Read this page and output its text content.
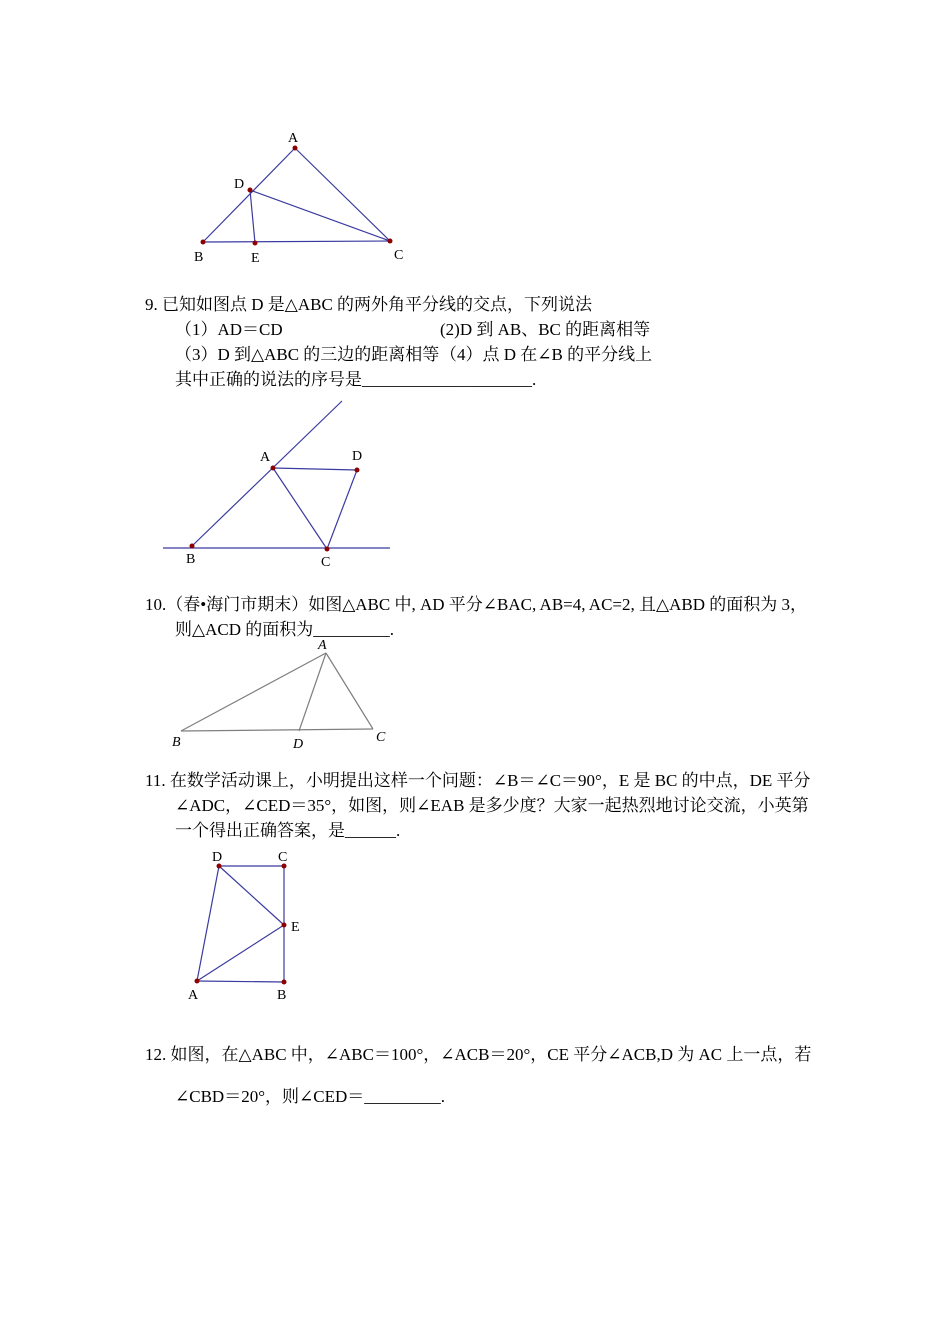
A
D
B	E	C
9. 已知如图点 D 是△ABC 的两外角平分线的交点，下列说法
（1）AD＝CD	(2)D 到 AB、BC 的距离相等
（3）D 到△ABC 的三边的距离相等（4）点 D 在∠B 的平分线上
其中正确的说法的序号是____________________.
A	D
B	C
10.（春•海门市期末）如图△ABC 中, AD 平分∠BAC, AB=4, AC=2, 且△ABD 的面积为 3，
则△ACD 的面积为_________.
A
B	C
D
11. 在数学活动课上，小明提出这样一个问题：∠B＝∠C＝90°，E 是 BC 的中点，DE 平分
∠ADC，∠CED＝35°，如图，则∠EAB 是多少度？大家一起热烈地讨论交流，小英第
一个得出正确答案，是______.
D	C
E
A	B
12. 如图，在△ABC 中，∠ABC＝100°，∠ACB＝20°，CE 平分∠ACB,D 为 AC 上一点，若
∠CBD＝20°，则∠CED＝_________.
